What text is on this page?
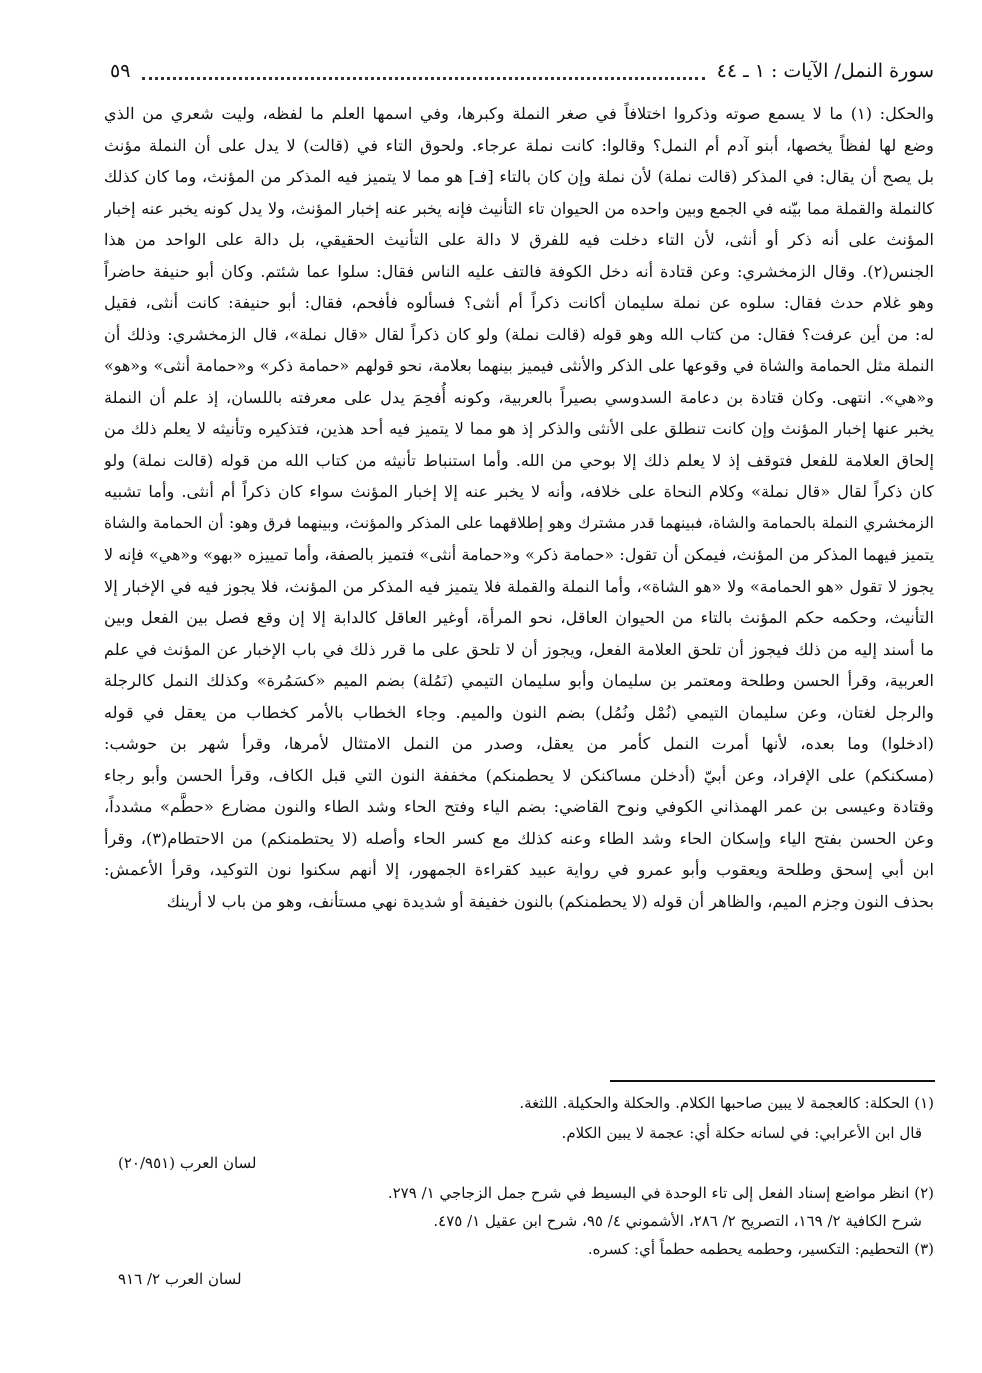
سورة النمل/ الآيات : ١ ـ ٤٤
٥٩
والحكل: (١) ما لا يسمع صوته وذكروا اختلافاً في صغر النملة وكبرها، وفي اسمها العلم ما لفظه، وليت شعري من الذي
وضع لها لفظاً يخصها، أبنو آدم أم النمل؟ وقالوا: كانت نملة عرجاء. ولحوق التاء في (قالت) لا يدل على أن النملة مؤنث
بل يصح أن يقال: في المذكر (قالت نملة) لأن نملة وإن كان بالتاء [فـ] هو مما لا يتميز فيه المذكر من المؤنث، وما كان كذلك
كالنملة والقملة مما بيّنه في الجمع وبين واحده من الحيوان تاء التأنيث فإنه يخبر عنه إخبار المؤنث، ولا يدل كونه يخبر عنه إخبار
المؤنث على أنه ذكر أو أنثى، لأن التاء دخلت فيه للفرق لا دالة على التأنيث الحقيقي، بل دالة على الواحد من هذا
الجنس(٢). وقال الزمخشري: وعن قتادة أنه دخل الكوفة فالتف عليه الناس فقال: سلوا عما شئتم. وكان أبو حنيفة حاضراً
وهو غلام حدث فقال: سلوه عن نملة سليمان أكانت ذكراً أم أنثى؟ فسألوه فأفحم، فقال: أبو حنيفة: كانت أنثى، فقيل
له: من أين عرفت؟ فقال: من كتاب الله وهو قوله (قالت نملة) ولو كان ذكراً لقال «قال نملة»، قال الزمخشري: وذلك أن
النملة مثل الحمامة والشاة في وقوعها على الذكر والأنثى فيميز بينهما بعلامة، نحو قولهم «حمامة ذكر» و«حمامة أنثى» و«هو»
و«هي». انتهى. وكان قتادة بن دعامة السدوسي بصيراً بالعربية، وكونه أُفحِمَ يدل على معرفته باللسان، إذ علم أن النملة
يخبر عنها إخبار المؤنث وإن كانت تنطلق على الأنثى والذكر إذ هو مما لا يتميز فيه أحد هذين، فتذكيره وتأنيثه لا يعلم ذلك من
إلحاق العلامة للفعل فتوقف إذ لا يعلم ذلك إلا بوحي من الله. وأما استنباط تأنيثه من كتاب الله من قوله (قالت نملة) ولو
كان ذكراً لقال «قال نملة» وكلام النحاة على خلافه، وأنه لا يخبر عنه إلا إخبار المؤنث سواء كان ذكراً أم أنثى. وأما تشبيه
الزمخشري النملة بالحمامة والشاة، فبينهما قدر مشترك وهو إطلاقهما على المذكر والمؤنث، وبينهما فرق وهو: أن الحمامة والشاة
يتميز فيهما المذكر من المؤنث، فيمكن أن تقول: «حمامة ذكر» و«حمامة أنثى» فتميز بالصفة، وأما تمييزه «بهو» و«هي» فإنه لا
يجوز لا تقول «هو الحمامة» ولا «هو الشاة»، وأما النملة والقملة فلا يتميز فيه المذكر من المؤنث، فلا يجوز فيه في الإخبار إلا
التأنيث، وحكمه حكم المؤنث بالتاء من الحيوان العاقل، نحو المرأة، أوغير العاقل كالدابة إلا إن وقع فصل بين الفعل وبين
ما أسند إليه من ذلك فيجوز أن تلحق العلامة الفعل، ويجوز أن لا تلحق على ما قرر ذلك في باب الإخبار عن المؤنث في علم
العربية، وقرأ الحسن وطلحة ومعتمر بن سليمان وأبو سليمان التيمي (نَمُلة) بضم الميم «كسَمُرة» وكذلك النمل كالرجلة
والرجل لغتان، وعن سليمان التيمي (نُمْل ونُمُل) بضم النون والميم. وجاء الخطاب بالأمر كخطاب من يعقل في قوله
(ادخلوا) وما بعده، لأنها أمرت النمل كأمر من يعقل، وصدر من النمل الامتثال لأمرها، وقرأ شهر بن حوشب:
(مسكنكم) على الإفراد، وعن أبيّ (أدخلن مساكنكن لا يحطمنكم) مخففة النون التي قبل الكاف، وقرأ الحسن وأبو رجاء
وقتادة وعيسى بن عمر الهمذاني الكوفي ونوح القاضي: بضم الياء وفتح الحاء وشد الطاء والنون مضارع «حطَّم» مشدداً،
وعن الحسن بفتح الياء وإسكان الحاء وشد الطاء وعنه كذلك مع كسر الحاء وأصله (لا يحتطمنكم) من الاحتطام(٣)، وقرأ
ابن أبي إسحق وطلحة ويعقوب وأبو عمرو في رواية عبيد كقراءة الجمهور، إلا أنهم سكنوا نون التوكيد، وقرأ الأعمش:
بحذف النون وجزم الميم، والظاهر أن قوله (لا يحطمنكم) بالنون خفيفة أو شديدة نهي مستأنف، وهو من باب لا أرينك
(١) الحكلة: كالعجمة لا يبين صاحبها الكلام. والحكلة والحكيلة. اللثغة.
قال ابن الأعرابي: في لسانه حكلة أي: عجمة لا يبين الكلام.
لسان العرب (٢٠/٩٥١)
(٢) انظر مواضع إسناد الفعل إلى تاء الوحدة في البسيط في شرح جمل الزجاجي ١/ ٢٧٩.
شرح الكافية ٢/ ١٦٩، التصريح ٢/ ٢٨٦، الأشموني ٤/ ٩٥، شرح ابن عقيل ١/ ٤٧٥.
(٣) التحطيم: التكسير، وحطمه يحطمه حطماً أي: كسره.
لسان العرب ٢/ ٩١٦
